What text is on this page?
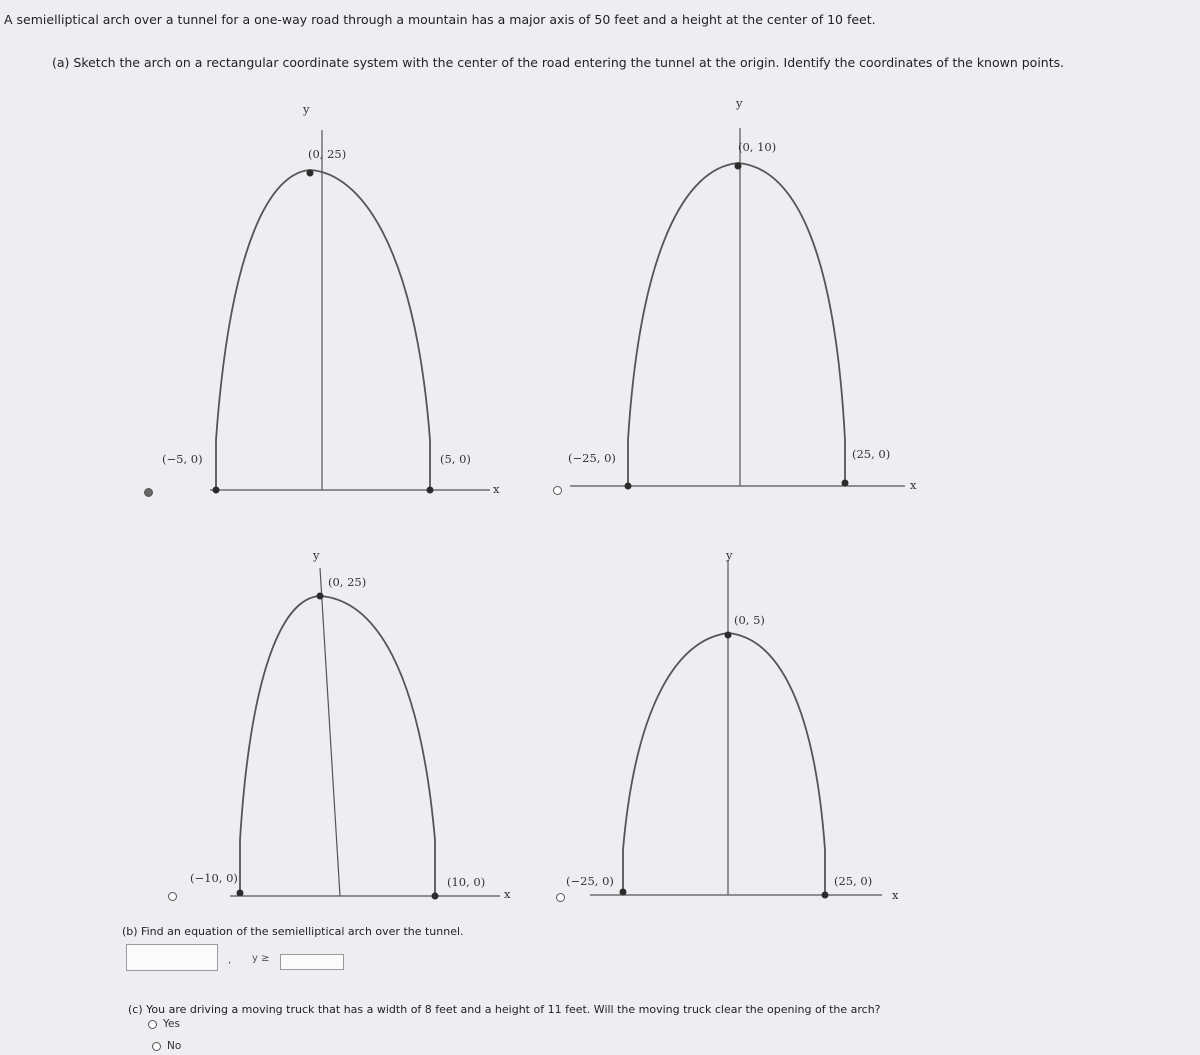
A semielliptical arch over a tunnel for a one-way road through a mountain has a major axis of 50 feet and a height at the center of 10 feet.
(a) Sketch the arch on a rectangular coordinate system with the center of the road entering the tunnel at the origin. Identify the coordinates of the known points.
y
x
(0, 25)
(−5, 0)	(5, 0)
y
x
(0, 10)
(−25, 0)	(25, 0)
y
x
(0, 25)
(−10, 0)	(10, 0)
y
x
(0, 5)
(−25, 0)	(25, 0)
(b) Find an equation of the semielliptical arch over the tunnel.
, y ≥
(c) You are driving a moving truck that has a width of 8 feet and a height of 11 feet. Will the moving truck clear the opening of the arch?
Yes
No
